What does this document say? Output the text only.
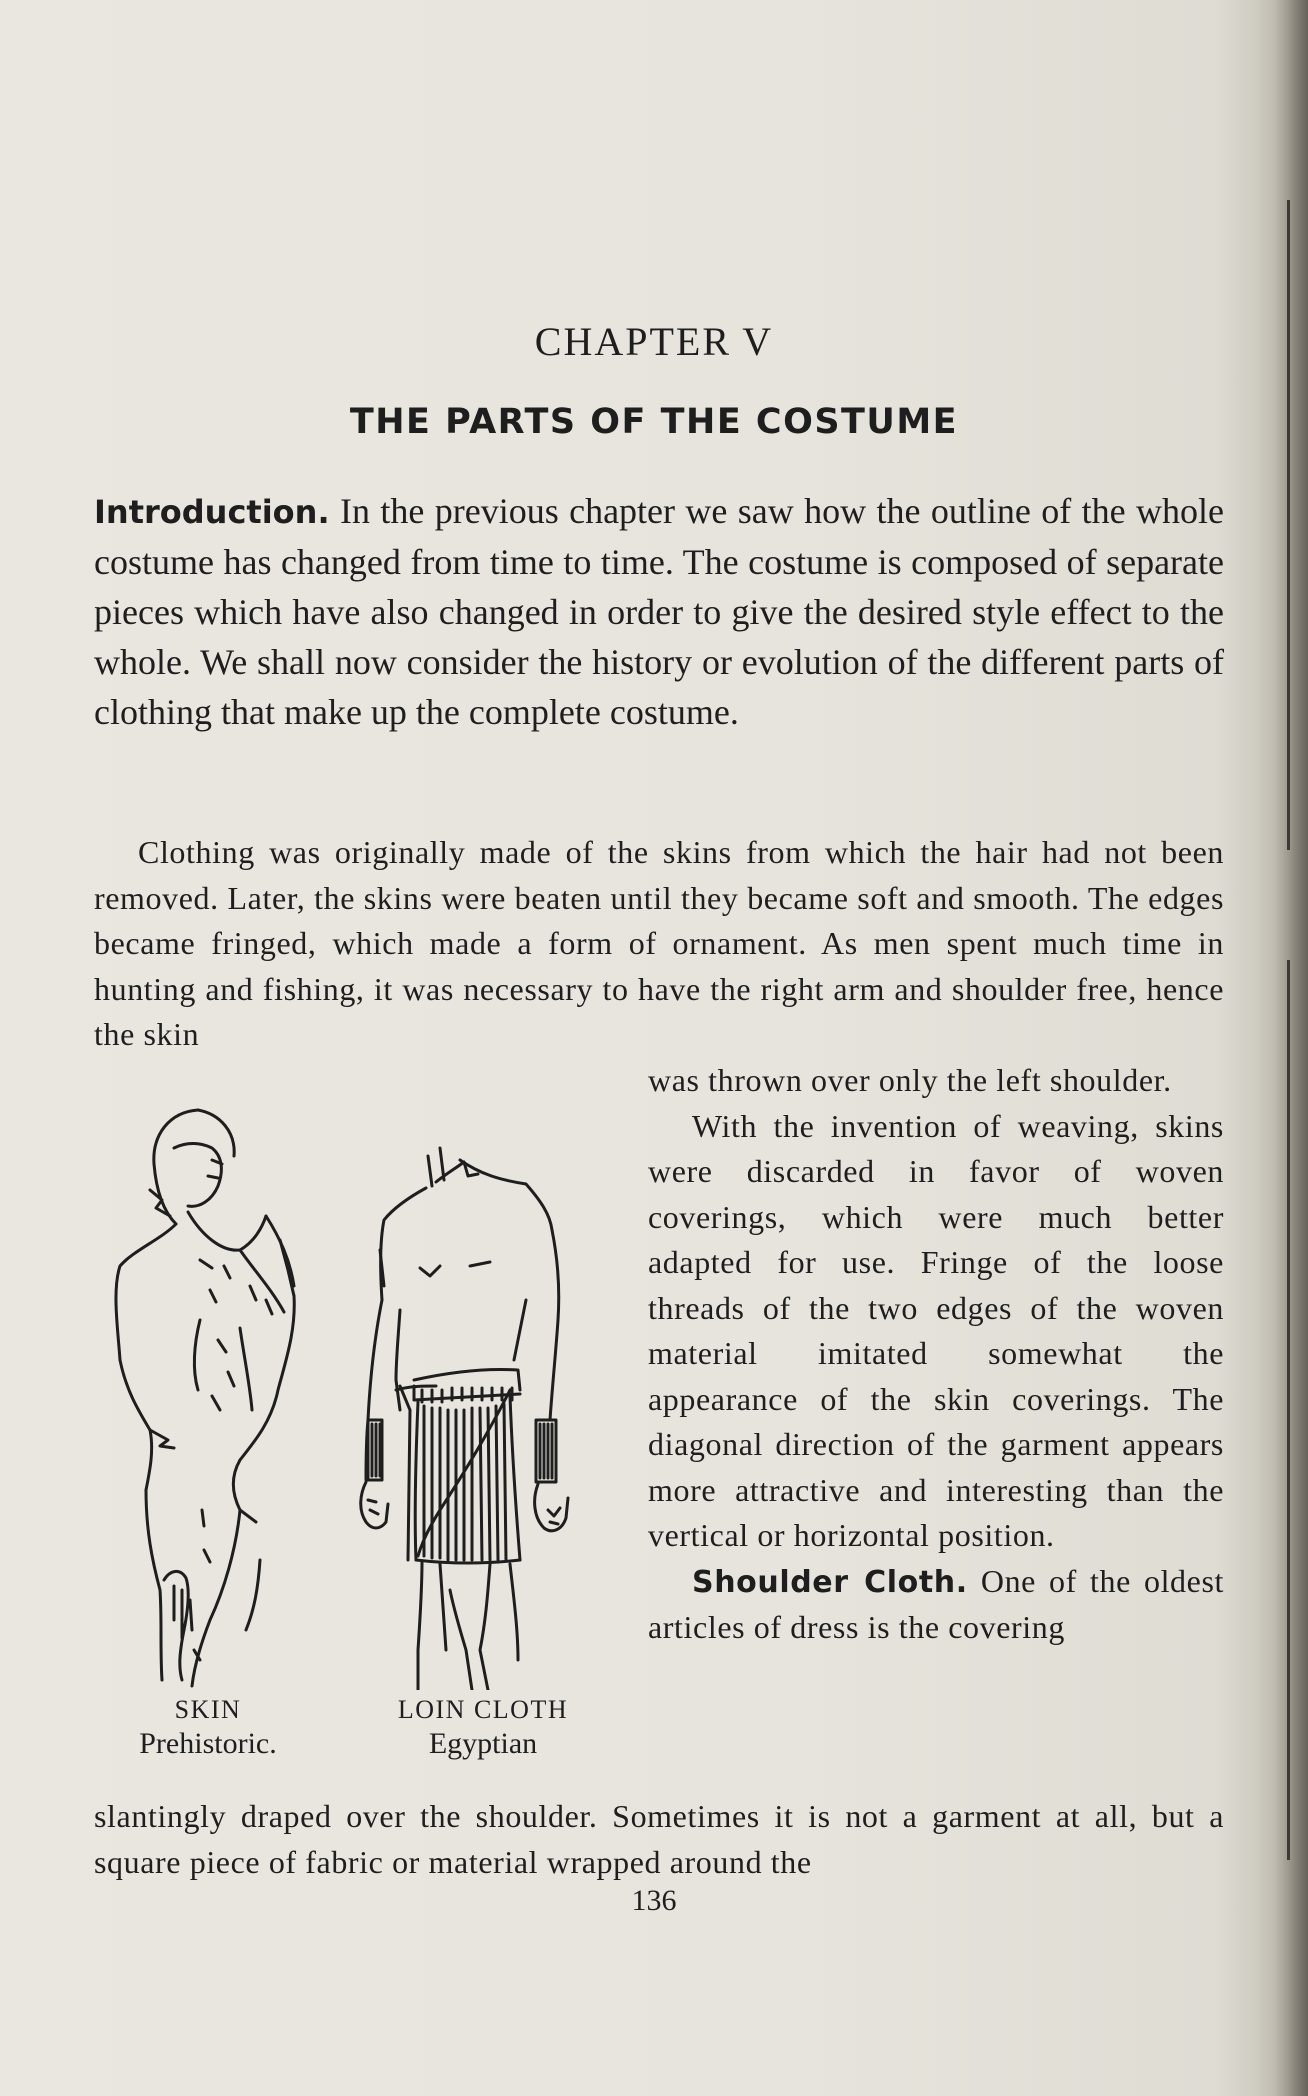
CHAPTER V
THE PARTS OF THE COSTUME
Introduction. In the previous chapter we saw how the outline of the whole costume has changed from time to time. The costume is composed of separate pieces which have also changed in order to give the desired style effect to the whole. We shall now consider the history or evolution of the different parts of clothing that make up the complete costume.

Clothing was originally made of the skins from which the hair had not been removed. Later, the skins were beaten until they became soft and smooth. The edges became fringed, which made a form of ornament. As men spent much time in hunting and fishing, it was necessary to have the right arm and shoulder free, hence the skin

SKIN
Prehistoric.
LOIN CLOTH
Egyptian

was thrown over only the left shoulder.

With the invention of weaving, skins were discarded in favor of woven coverings, which were much better adapted for use. Fringe of the loose threads of the two edges of the woven material imitated somewhat the appearance of the skin coverings. The diagonal direction of the garment appears more attractive and interesting than the vertical or horizontal position.

Shoulder Cloth. One of the oldest articles of dress is the covering

slantingly draped over the shoulder. Sometimes it is not a garment at all, but a square piece of fabric or material wrapped around the

136
